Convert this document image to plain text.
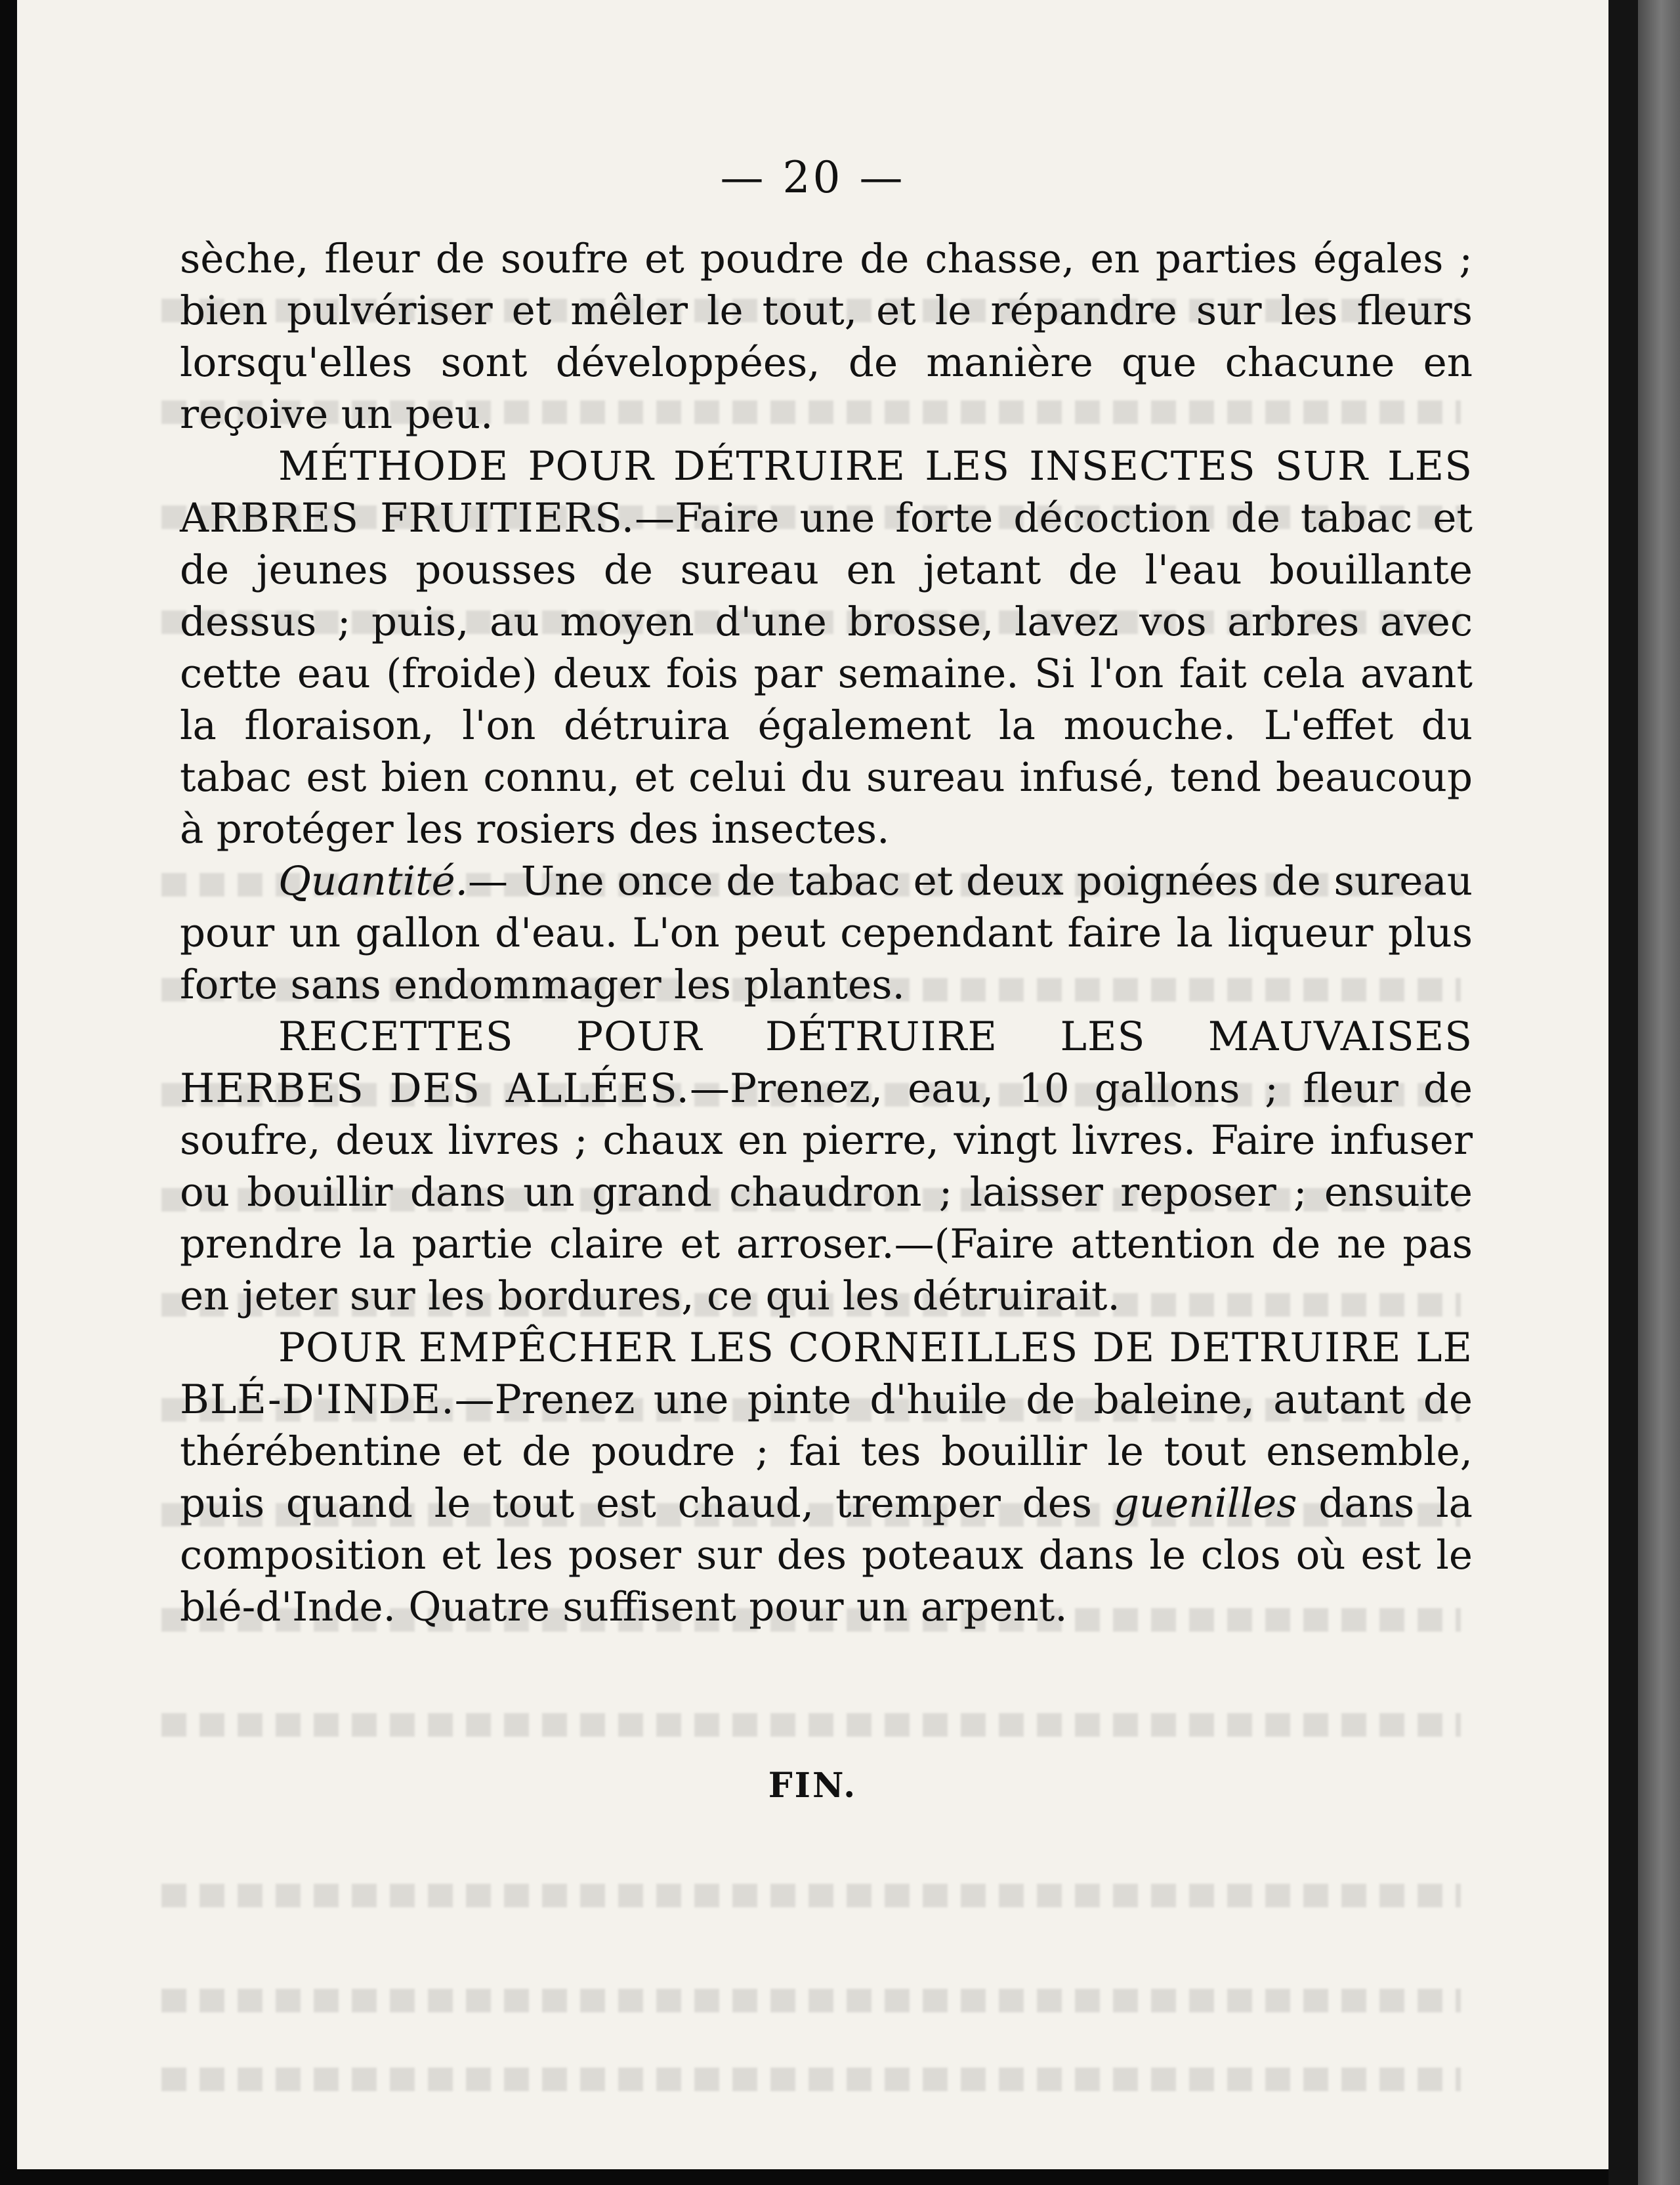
— 20 —

sèche, fleur de soufre et poudre de chasse, en parties égales ; bien pulvériser et mêler le tout, et le répandre sur les fleurs lorsqu'elles sont développées, de manière que chacune en reçoive un peu.

MÉTHODE POUR DÉTRUIRE LES INSECTES SUR LES ARBRES FRUITIERS.—Faire une forte décoction de tabac et de jeunes pousses de sureau en jetant de l'eau bouillante dessus ; puis, au moyen d'une brosse, lavez vos arbres avec cette eau (froide) deux fois par semaine. Si l'on fait cela avant la floraison, l'on détruira également la mouche. L'effet du tabac est bien connu, et celui du sureau infusé, tend beaucoup à protéger les rosiers des insectes.

Quantité.— Une once de tabac et deux poignées de sureau pour un gallon d'eau. L'on peut cependant faire la liqueur plus forte sans endommager les plantes.

RECETTES POUR DÉTRUIRE LES MAUVAISES HERBES DES ALLÉES.—Prenez, eau, 10 gallons ; fleur de soufre, deux livres ; chaux en pierre, vingt livres. Faire infuser ou bouillir dans un grand chaudron ; laisser reposer ; ensuite prendre la partie claire et arroser.—(Faire attention de ne pas en jeter sur les bordures, ce qui les détruirait.

POUR EMPÊCHER LES CORNEILLES DE DETRUIRE LE BLÉ-D'INDE.—Prenez une pinte d'huile de baleine, autant de thérébentine et de poudre ; fai tes bouillir le tout ensemble, puis quand le tout est chaud, tremper des guenilles dans la composition et les poser sur des poteaux dans le clos où est le blé-d'Inde. Quatre suffisent pour un arpent.

FIN.
